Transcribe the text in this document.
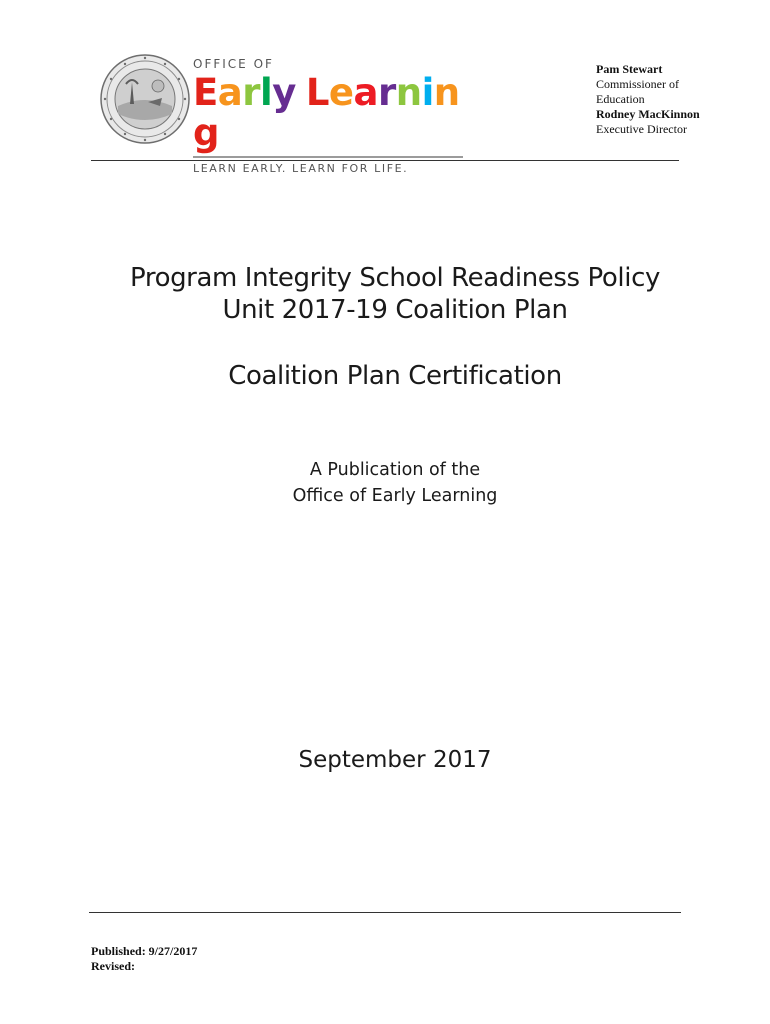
OFFICE OF
Early Learning
LEARN EARLY. LEARN FOR LIFE.
Pam Stewart
Commissioner of Education
Rodney MacKinnon
Executive Director
Program Integrity School Readiness Policy
Unit 2017-19 Coalition Plan
Coalition Plan Certification
A Publication of the
Office of Early Learning
September 2017
Published: 9/27/2017
Revised:
